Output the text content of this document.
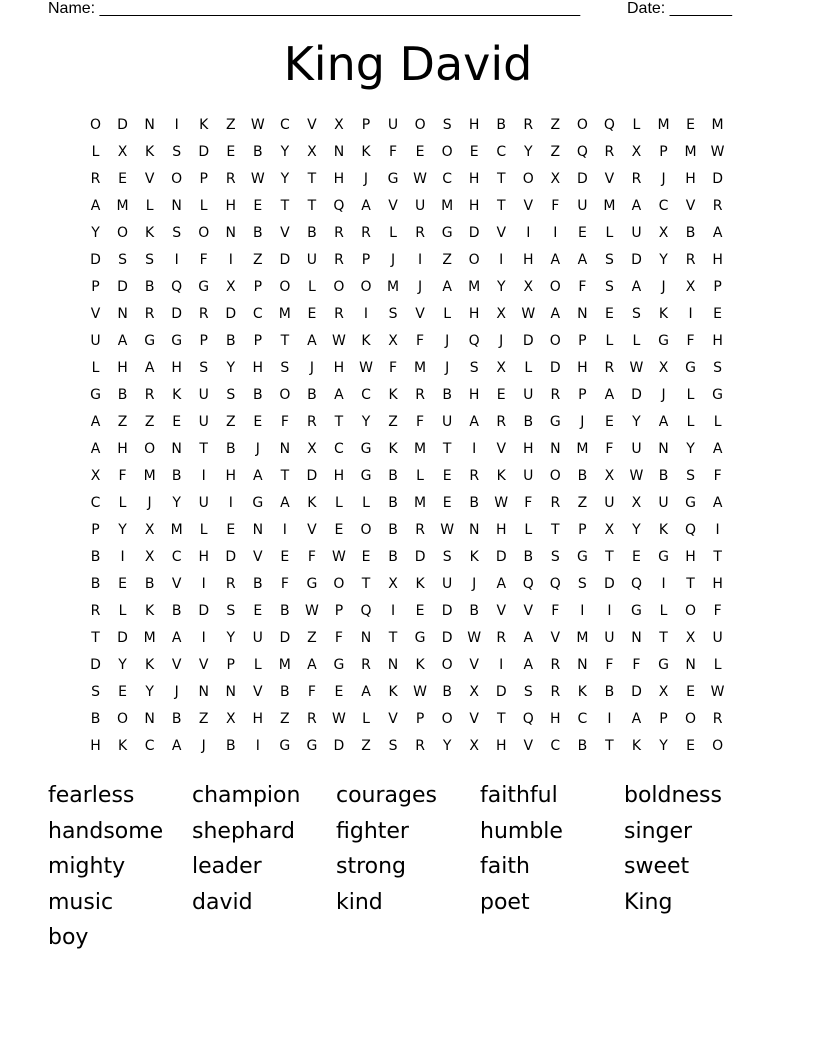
Name: ______________________________________________________	Date: _______
King David
O	D	N	I	K	Z	W	C	V	X	P	U	O	S	H	B	R	Z	O	Q	L	M	E	M
L	X	K	S	D	E	B	Y	X	N	K	F	E	O	E	C	Y	Z	Q	R	X	P	M	W
R	E	V	O	P	R	W	Y	T	H	J	G	W	C	H	T	O	X	D	V	R	J	H	D
A	M	L	N	L	H	E	T	T	Q	A	V	U	M	H	T	V	F	U	M	A	C	V	R
Y	O	K	S	O	N	B	V	B	R	R	L	R	G	D	V	I	I	E	L	U	X	B	A
D	S	S	I	F	I	Z	D	U	R	P	J	I	Z	O	I	H	A	A	S	D	Y	R	H
P	D	B	Q	G	X	P	O	L	O	O	M	J	A	M	Y	X	O	F	S	A	J	X	P
V	N	R	D	R	D	C	M	E	R	I	S	V	L	H	X	W	A	N	E	S	K	I	E
U	A	G	G	P	B	P	T	A	W	K	X	F	J	Q	J	D	O	P	L	L	G	F	H
L	H	A	H	S	Y	H	S	J	H	W	F	M	J	S	X	L	D	H	R	W	X	G	S
G	B	R	K	U	S	B	O	B	A	C	K	R	B	H	E	U	R	P	A	D	J	L	G
A	Z	Z	E	U	Z	E	F	R	T	Y	Z	F	U	A	R	B	G	J	E	Y	A	L	L
A	H	O	N	T	B	J	N	X	C	G	K	M	T	I	V	H	N	M	F	U	N	Y	A
X	F	M	B	I	H	A	T	D	H	G	B	L	E	R	K	U	O	B	X	W	B	S	F
C	L	J	Y	U	I	G	A	K	L	L	B	M	E	B	W	F	R	Z	U	X	U	G	A
P	Y	X	M	L	E	N	I	V	E	O	B	R	W	N	H	L	T	P	X	Y	K	Q	I
B	I	X	C	H	D	V	E	F	W	E	B	D	S	K	D	B	S	G	T	E	G	H	T
B	E	B	V	I	R	B	F	G	O	T	X	K	U	J	A	Q	Q	S	D	Q	I	T	H
R	L	K	B	D	S	E	B	W	P	Q	I	E	D	B	V	V	F	I	I	G	L	O	F
T	D	M	A	I	Y	U	D	Z	F	N	T	G	D	W	R	A	V	M	U	N	T	X	U
D	Y	K	V	V	P	L	M	A	G	R	N	K	O	V	I	A	R	N	F	F	G	N	L
S	E	Y	J	N	N	V	B	F	E	A	K	W	B	X	D	S	R	K	B	D	X	E	W
B	O	N	B	Z	X	H	Z	R	W	L	V	P	O	V	T	Q	H	C	I	A	P	O	R
H	K	C	A	J	B	I	G	G	D	Z	S	R	Y	X	H	V	C	B	T	K	Y	E	O
fearless	champion	courages	faithful	boldness
handsome	shephard	fighter	humble	singer
mighty	leader	strong	faith	sweet
music	david	kind	poet	King
boy
